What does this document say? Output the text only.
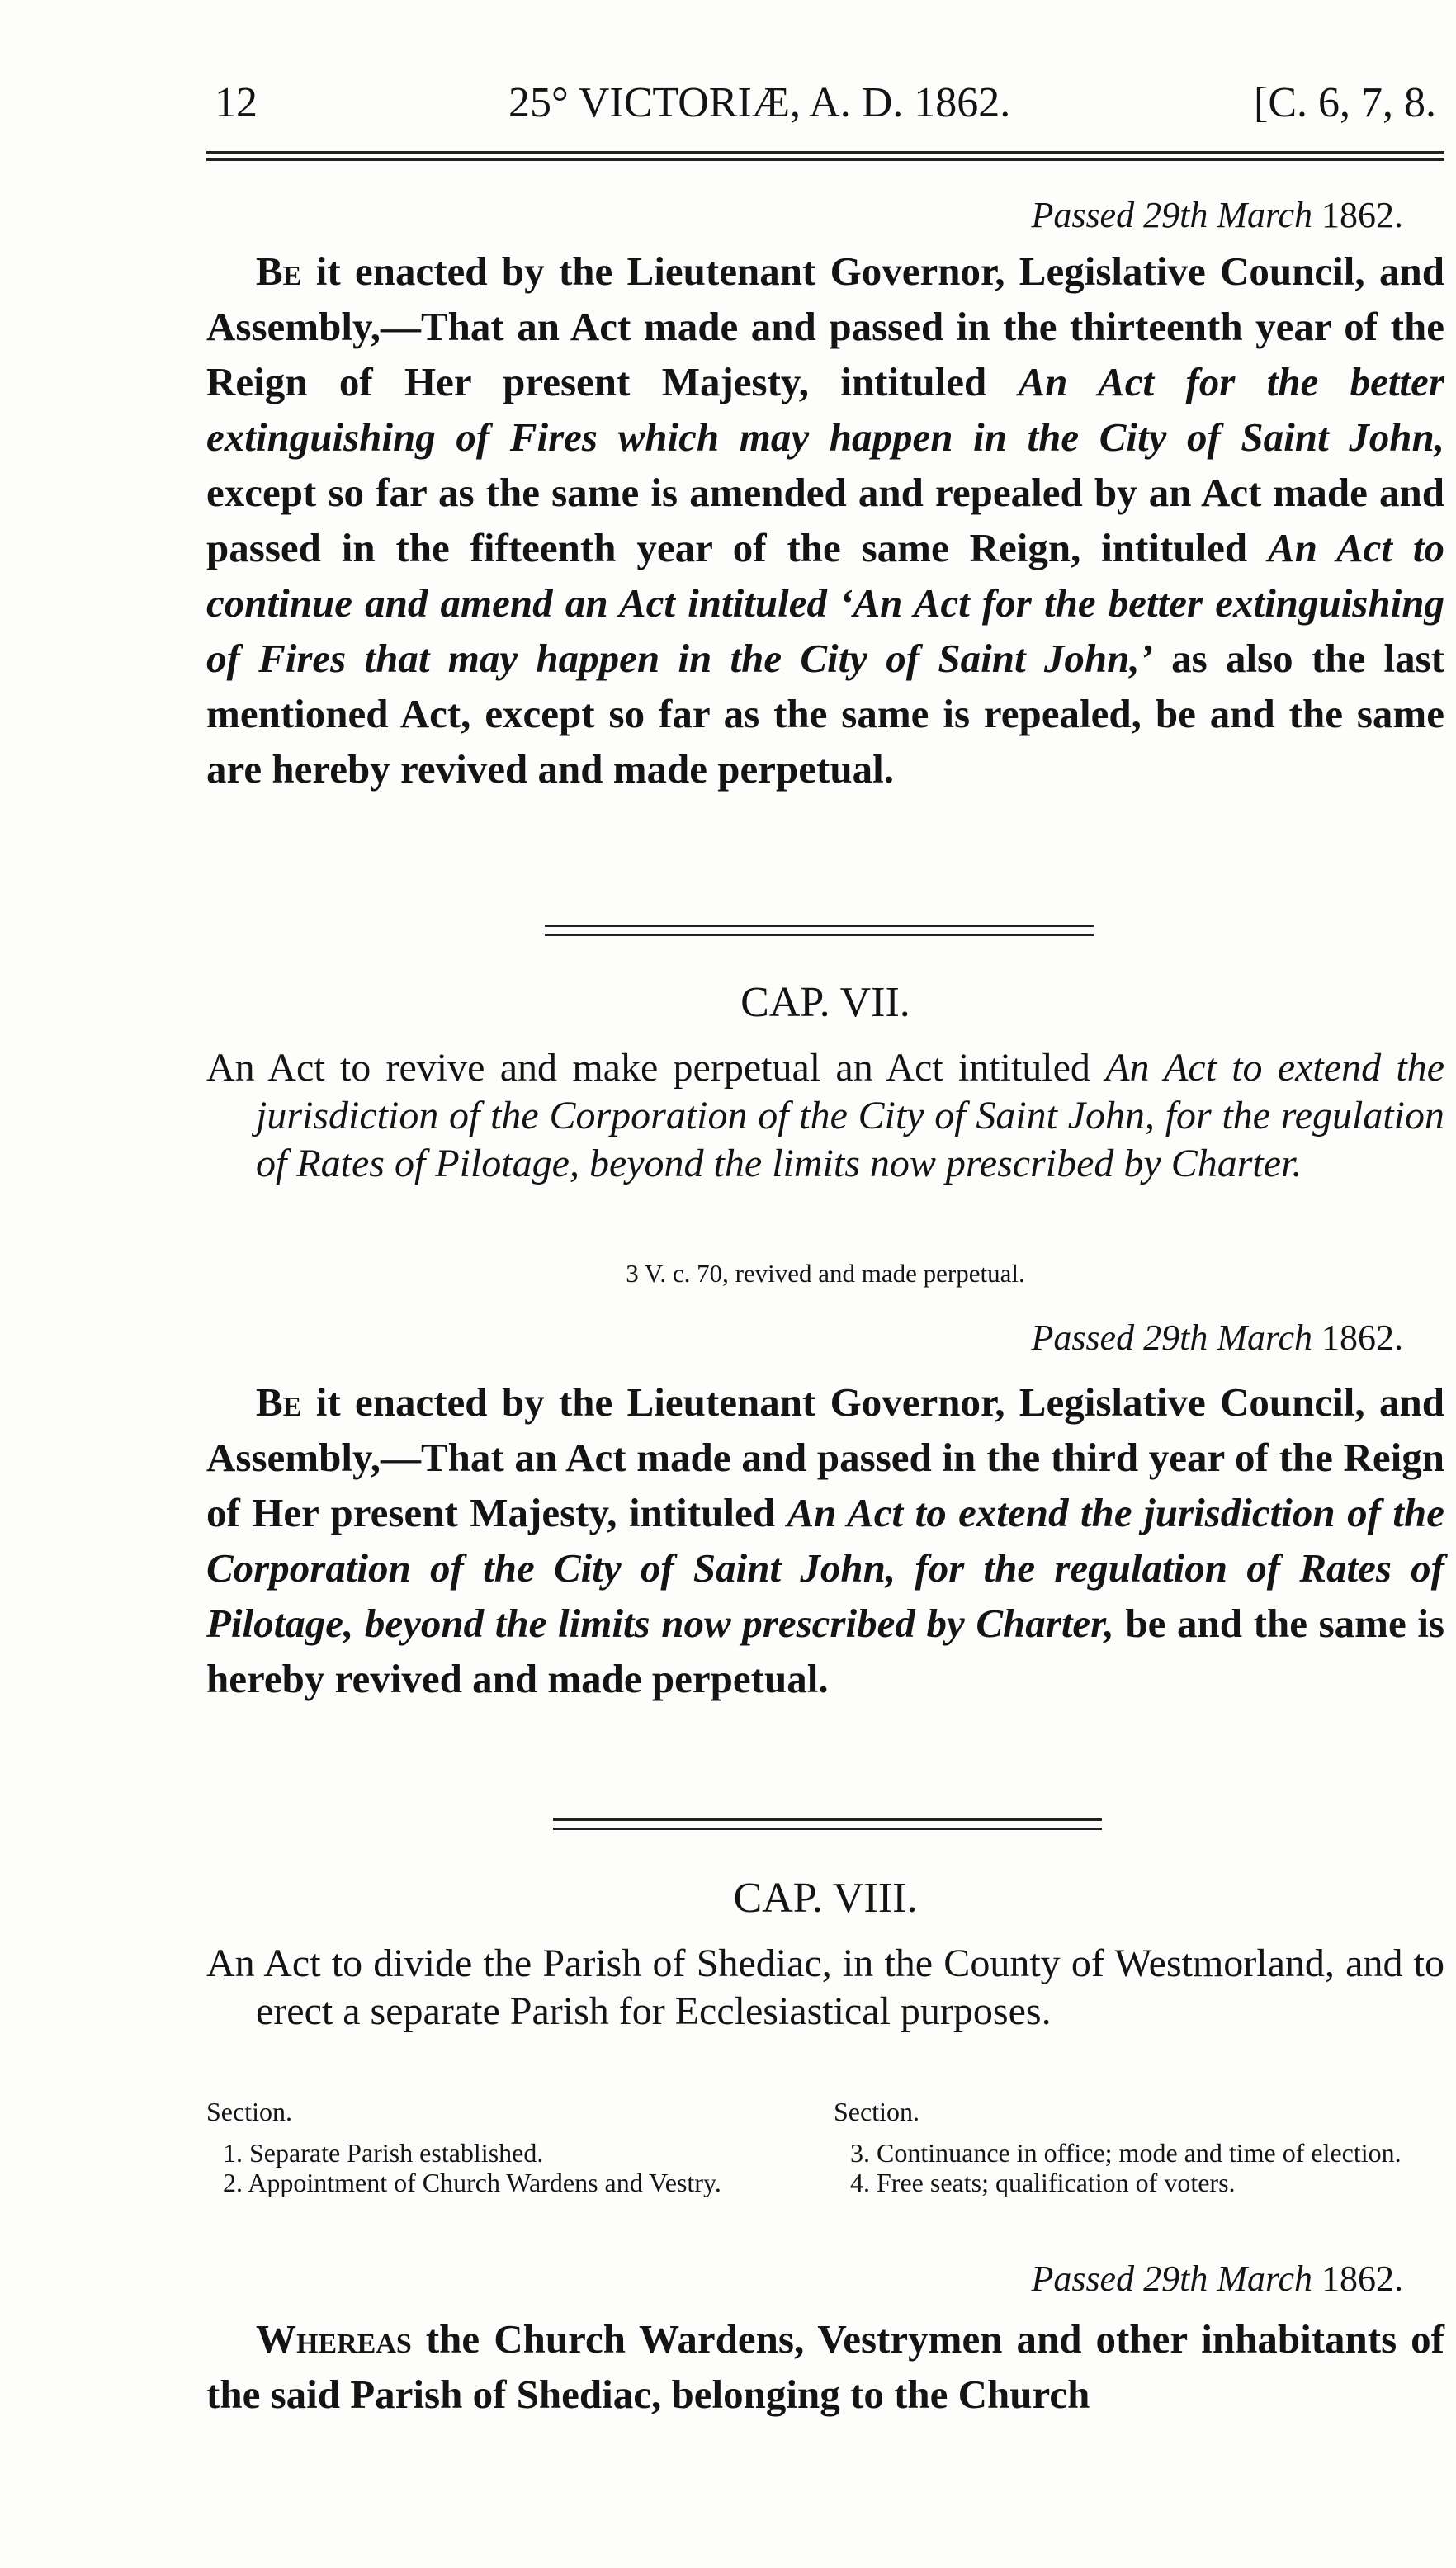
12	25° VICTORIÆ, A. D. 1862.	[C. 6, 7, 8.
Passed 29th March 1862.

Be it enacted by the Lieutenant Governor, Legislative Council, and Assembly,—That an Act made and passed in the thirteenth year of the Reign of Her present Majesty, intituled An Act for the better extinguishing of Fires which may happen in the City of Saint John, except so far as the same is amended and repealed by an Act made and passed in the fifteenth year of the same Reign, intituled An Act to continue and amend an Act intituled ‘An Act for the better extinguishing of Fires that may happen in the City of Saint John,’ as also the last mentioned Act, except so far as the same is repealed, be and the same are hereby revived and made perpetual.

CAP. VII.
An Act to revive and make perpetual an Act intituled An Act to extend the jurisdiction of the Corporation of the City of Saint John, for the regulation of Rates of Pilotage, beyond the limits now prescribed by Charter.
3 V. c. 70, revived and made perpetual.
Passed 29th March 1862.

Be it enacted by the Lieutenant Governor, Legislative Council, and Assembly,—That an Act made and passed in the third year of the Reign of Her present Majesty, intituled An Act to extend the jurisdiction of the Corporation of the City of Saint John, for the regulation of Rates of Pilotage, beyond the limits now prescribed by Charter, be and the same is hereby revived and made perpetual.

CAP. VIII.
An Act to divide the Parish of Shediac, in the County of Westmorland, and to erect a separate Parish for Ecclesiastical purposes.
Section.
1. Separate Parish established.
2. Appointment of Church Wardens and Vestry.
Section.
3. Continuance in office; mode and time of election.
4. Free seats; qualification of voters.
Passed 29th March 1862.

Whereas the Church Wardens, Vestrymen and other inhabitants of the said Parish of Shediac, belonging to the Church
